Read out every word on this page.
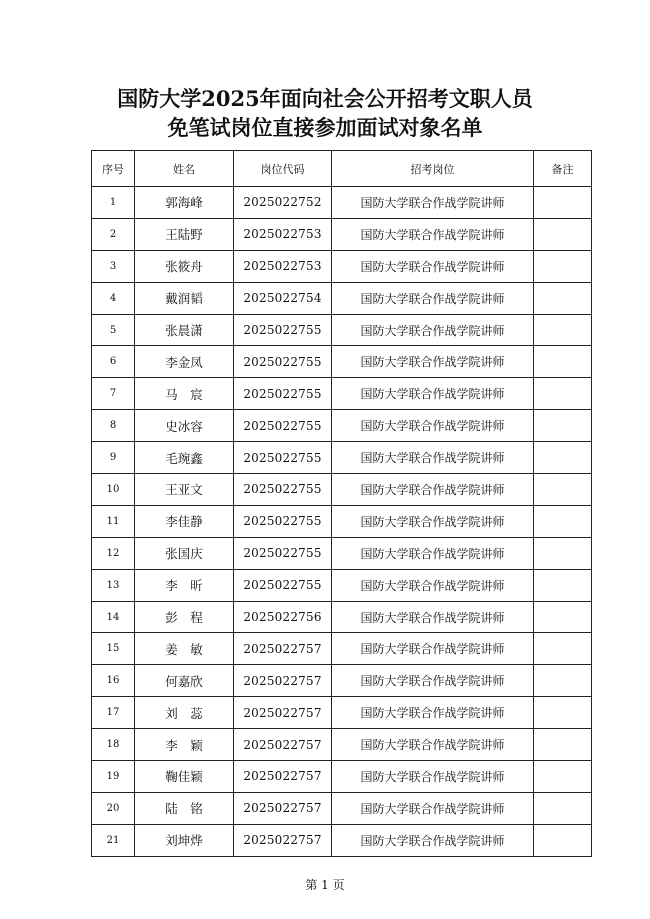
国防大学2025年面向社会公开招考文职人员
免笔试岗位直接参加面试对象名单
序号	姓名	岗位代码	招考岗位	备注
1	郭海峰	2025022752	国防大学联合作战学院讲师	
2	王陆野	2025022753	国防大学联合作战学院讲师	
3	张筱舟	2025022753	国防大学联合作战学院讲师	
4	戴润韬	2025022754	国防大学联合作战学院讲师	
5	张晨潇	2025022755	国防大学联合作战学院讲师	
6	李金凤	2025022755	国防大学联合作战学院讲师	
7	马　宸	2025022755	国防大学联合作战学院讲师	
8	史冰容	2025022755	国防大学联合作战学院讲师	
9	毛琬鑫	2025022755	国防大学联合作战学院讲师	
10	王亚文	2025022755	国防大学联合作战学院讲师	
11	李佳静	2025022755	国防大学联合作战学院讲师	
12	张国庆	2025022755	国防大学联合作战学院讲师	
13	李　昕	2025022755	国防大学联合作战学院讲师	
14	彭　程	2025022756	国防大学联合作战学院讲师	
15	姜　敏	2025022757	国防大学联合作战学院讲师	
16	何嘉欣	2025022757	国防大学联合作战学院讲师	
17	刘　蕊	2025022757	国防大学联合作战学院讲师	
18	李　颖	2025022757	国防大学联合作战学院讲师	
19	鞠佳颖	2025022757	国防大学联合作战学院讲师	
20	陆　铭	2025022757	国防大学联合作战学院讲师	
21	刘坤烨	2025022757	国防大学联合作战学院讲师	
第 1 页
